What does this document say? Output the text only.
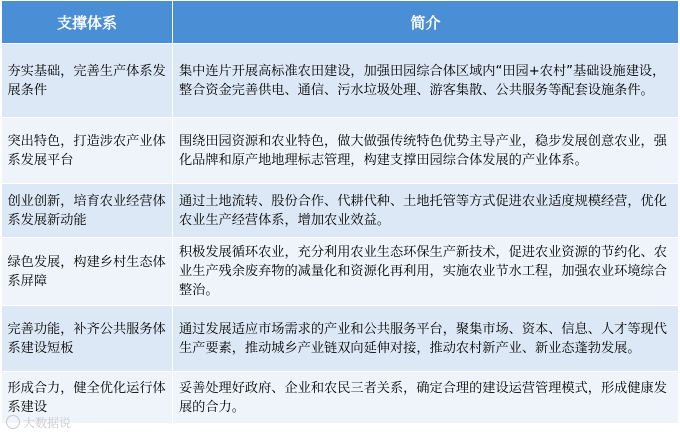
支撑体系	简介
夯实基础，完善生产体系发展条件	集中连片开展高标准农田建设，加强田园综合体区域内“田园+农村”基础设施建设，整合资金完善供电、通信、污水垃圾处理、游客集散、公共服务等配套设施条件。
突出特色，打造涉农产业体系发展平台	围绕田园资源和农业特色，做大做强传统特色优势主导产业，稳步发展创意农业，强化品牌和原产地地理标志管理，构建支撑田园综合体发展的产业体系。
创业创新，培育农业经营体系发展新动能	通过土地流转、股份合作、代耕代种、土地托管等方式促进农业适度规模经营，优化农业生产经营体系，增加农业效益。
绿色发展，构建乡村生态体系屏障	积极发展循环农业，充分利用农业生态环保生产新技术，促进农业资源的节约化、农业生产残余废弃物的减量化和资源化再利用，实施农业节水工程，加强农业环境综合整治。
完善功能，补齐公共服务体系建设短板	通过发展适应市场需求的产业和公共服务平台，聚集市场、资本、信息、人才等现代生产要素，推动城乡产业链双向延伸对接，推动农村新产业、新业态蓬勃发展。
形成合力，健全优化运行体系建设	妥善处理好政府、企业和农民三者关系，确定合理的建设运营管理模式，形成健康发展的合力。
大数据说
